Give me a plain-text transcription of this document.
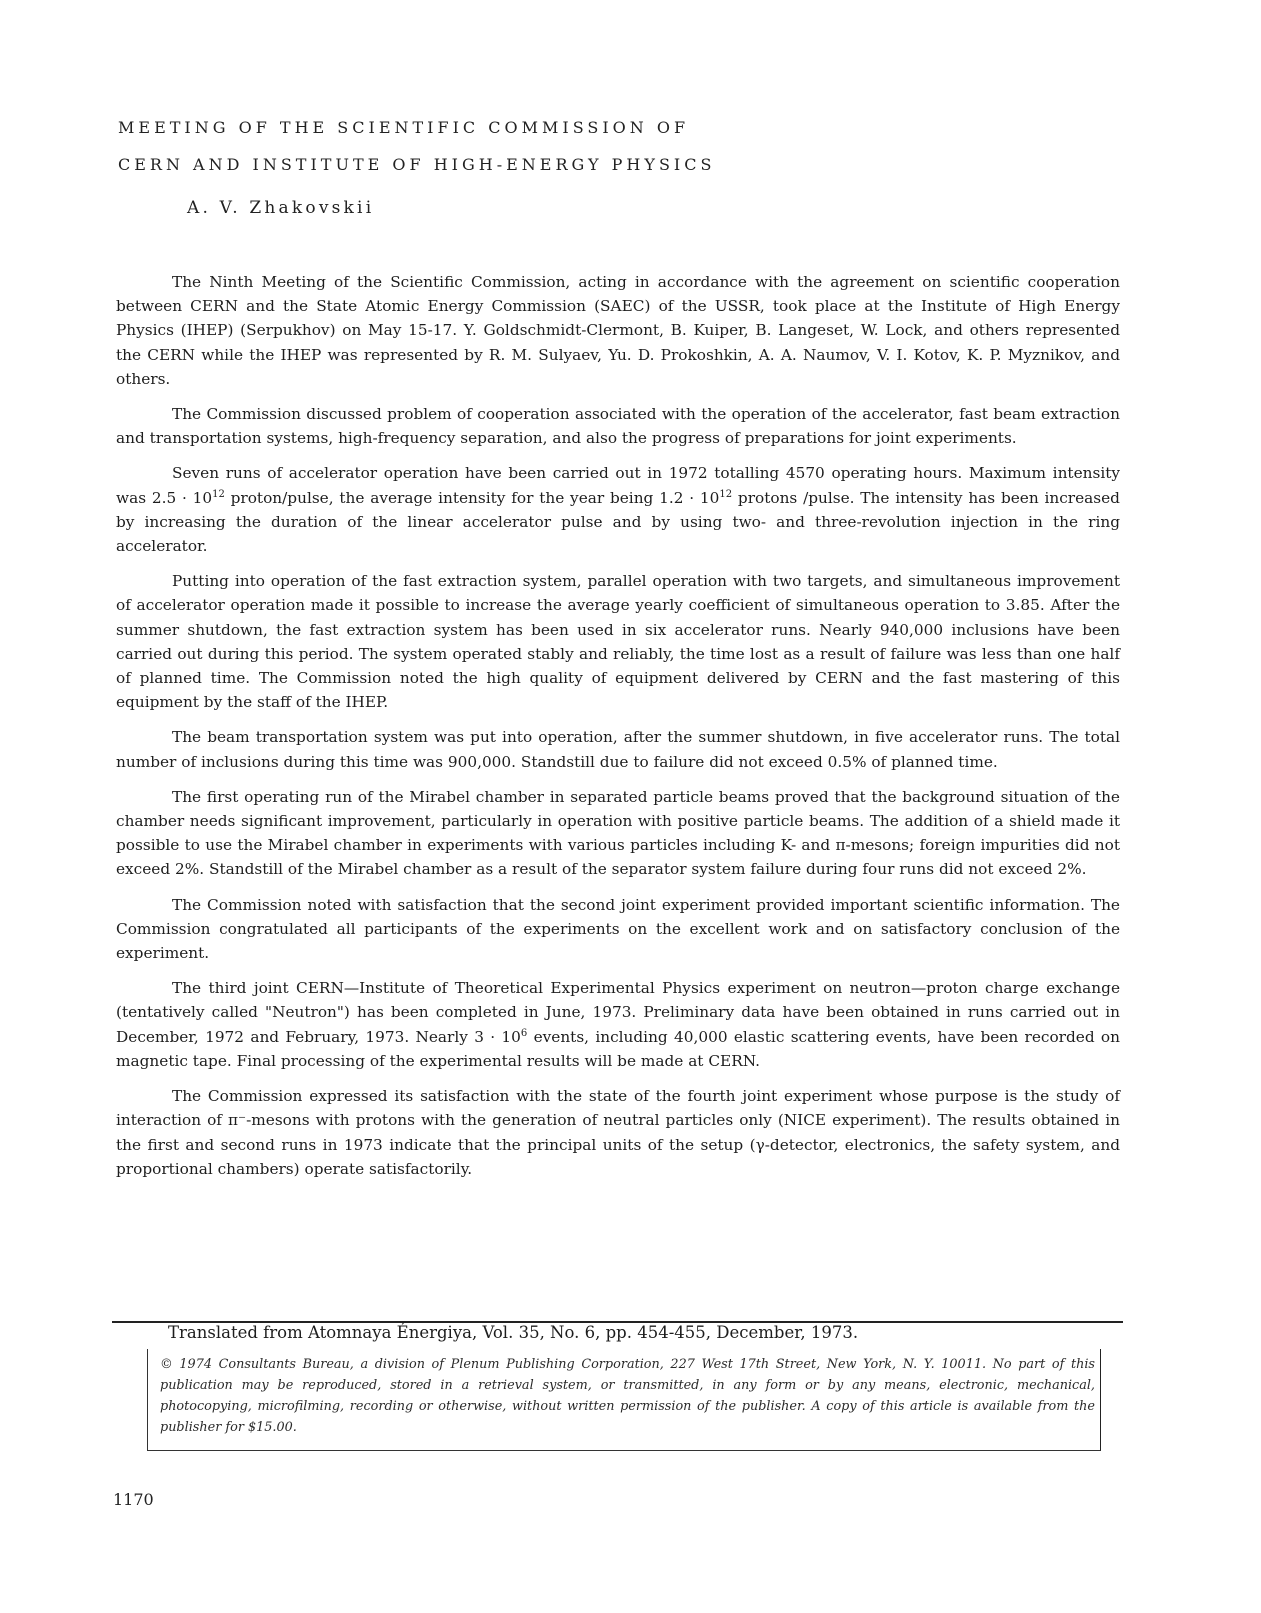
MEETING OF THE SCIENTIFIC COMMISSION OF
CERN AND INSTITUTE OF HIGH-ENERGY PHYSICS
A. V. Zhakovskii

The Ninth Meeting of the Scientific Commission, acting in accordance with the agreement on scientific cooperation between CERN and the State Atomic Energy Commission (SAEC) of the USSR, took place at the Institute of High Energy Physics (IHEP) (Serpukhov) on May 15-17. Y. Goldschmidt-Clermont, B. Kuiper, B. Langeset, W. Lock, and others represented the CERN while the IHEP was represented by R. M. Sulyaev, Yu. D. Prokoshkin, A. A. Naumov, V. I. Kotov, K. P. Myznikov, and others.

The Commission discussed problem of cooperation associated with the operation of the accelerator, fast beam extraction and transportation systems, high-frequency separation, and also the progress of preparations for joint experiments.

Seven runs of accelerator operation have been carried out in 1972 totalling 4570 operating hours. Maximum intensity was $2.5 \cdot 10^{12}$ proton/pulse, the average intensity for the year being $1.2 \cdot 10^{12}$ protons /pulse. The intensity has been increased by increasing the duration of the linear accelerator pulse and by using two- and three-revolution injection in the ring accelerator.

Putting into operation of the fast extraction system, parallel operation with two targets, and simultaneous improvement of accelerator operation made it possible to increase the average yearly coefficient of simultaneous operation to 3.85. After the summer shutdown, the fast extraction system has been used in six accelerator runs. Nearly 940,000 inclusions have been carried out during this period. The system operated stably and reliably, the time lost as a result of failure was less than one half of planned time. The Commission noted the high quality of equipment delivered by CERN and the fast mastering of this equipment by the staff of the IHEP.

The beam transportation system was put into operation, after the summer shutdown, in five accelerator runs. The total number of inclusions during this time was 900,000. Standstill due to failure did not exceed 0.5% of planned time.

The first operating run of the Mirabel chamber in separated particle beams proved that the background situation of the chamber needs significant improvement, particularly in operation with positive particle beams. The addition of a shield made it possible to use the Mirabel chamber in experiments with various particles including K- and π-mesons; foreign impurities did not exceed 2%. Standstill of the Mirabel chamber as a result of the separator system failure during four runs did not exceed 2%.

The Commission noted with satisfaction that the second joint experiment provided important scientific information. The Commission congratulated all participants of the experiments on the excellent work and on satisfactory conclusion of the experiment.

The third joint CERN—Institute of Theoretical Experimental Physics experiment on neutron—proton charge exchange (tentatively called "Neutron") has been completed in June, 1973. Preliminary data have been obtained in runs carried out in December, 1972 and February, 1973. Nearly $3 \cdot 10^6$ events, including 40,000 elastic scattering events, have been recorded on magnetic tape. Final processing of the experimental results will be made at CERN.

The Commission expressed its satisfaction with the state of the fourth joint experiment whose purpose is the study of interaction of π⁻-mesons with protons with the generation of neutral particles only (NICE experiment). The results obtained in the first and second runs in 1973 indicate that the principal units of the setup (γ-detector, electronics, the safety system, and proportional chambers) operate satisfactorily.

Translated from Atomnaya Énergiya, Vol. 35, No. 6, pp. 454-455, December, 1973.

© 1974 Consultants Bureau, a division of Plenum Publishing Corporation, 227 West 17th Street, New York, N. Y. 10011. No part of this publication may be reproduced, stored in a retrieval system, or transmitted, in any form or by any means, electronic, mechanical, photocopying, microfilming, recording or otherwise, without written permission of the publisher. A copy of this article is available from the publisher for $15.00.

1170
